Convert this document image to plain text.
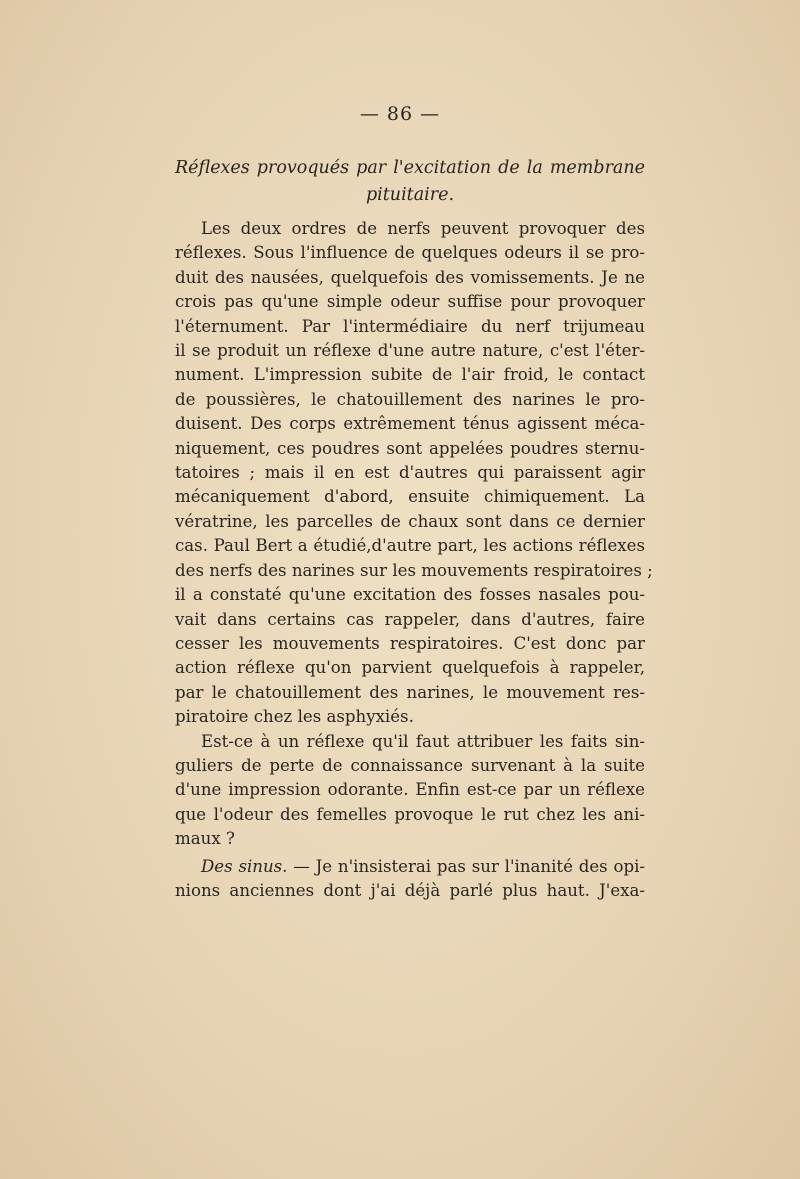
— 86 —
Réflexes provoqués par l'excitation de la membrane
pituitaire.
Les deux ordres de nerfs peuvent provoquer des
réflexes. Sous l'influence de quelques odeurs il se pro-
duit des nausées, quelquefois des vomissements. Je ne
crois pas qu'une simple odeur suffise pour provoquer
l'éternument. Par l'intermédiaire du nerf trijumeau
il se produit un réflexe d'une autre nature, c'est l'éter-
nument. L'impression subite de l'air froid, le contact
de poussières, le chatouillement des narines le pro-
duisent. Des corps extrêmement ténus agissent méca-
niquement, ces poudres sont appelées poudres sternu-
tatoires ; mais il en est d'autres qui paraissent agir
mécaniquement d'abord, ensuite chimiquement. La
vératrine, les parcelles de chaux sont dans ce dernier
cas. Paul Bert a étudié,d'autre part, les actions réflexes
des nerfs des narines sur les mouvements respiratoires ;
il a constaté qu'une excitation des fosses nasales pou-
vait dans certains cas rappeler, dans d'autres, faire
cesser les mouvements respiratoires. C'est donc par
action réflexe qu'on parvient quelquefois à rappeler,
par le chatouillement des narines, le mouvement res-
piratoire chez les asphyxiés.
Est-ce à un réflexe qu'il faut attribuer les faits sin-
guliers de perte de connaissance survenant à la suite
d'une impression odorante. Enfin est-ce par un réflexe
que l'odeur des femelles provoque le rut chez les ani-
maux ?
Des sinus. — Je n'insisterai pas sur l'inanité des opi-
nions anciennes dont j'ai déjà parlé plus haut. J'exa-
